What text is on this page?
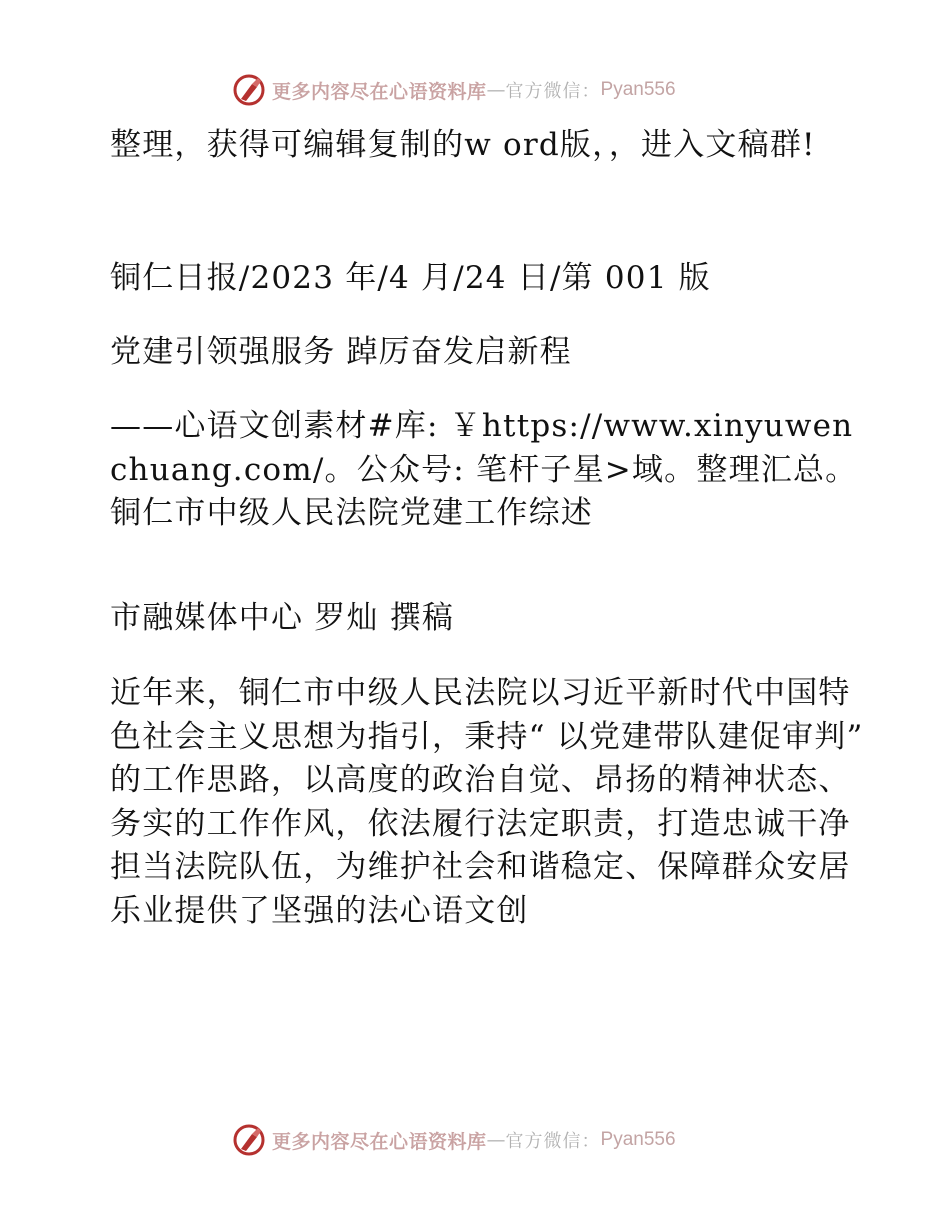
更多内容尽在心语资料库 — 官方微信： Pyan556

整理，获得可编辑复制的w ord版，，进入文稿群!

铜仁日报/2023 年/4 月/24 日/第 001 版

党建引领强服务 踔厉奋发启新程

——心语文创素材#库: ￥https://www.xinyuwenchuang.com/。公众号: 笔杆子星>域。整理汇总。铜仁市中级人民法院党建工作综述

市融媒体中心 罗灿 撰稿

近年来，铜仁市中级人民法院以习近平新时代中国特色社会主义思想为指引，秉持“ 以党建带队建促审判” 的工作思路，以高度的政治自觉、昂扬的精神状态、务实的工作作风，依法履行法定职责，打造忠诚干净担当法院队伍，为维护社会和谐稳定、保障群众安居乐业提供了坚强的法心语文创

更多内容尽在心语资料库 — 官方微信： Pyan556
